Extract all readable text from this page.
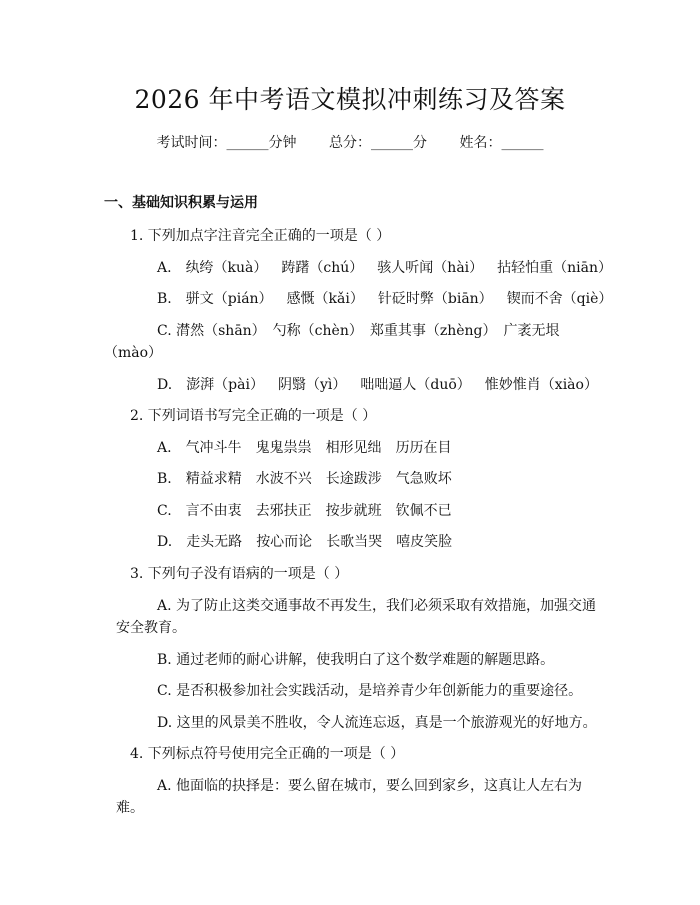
2026 年中考语文模拟冲刺练习及答案
考试时间：______分钟 总分：______分 姓名：______
一、基础知识积累与运用
1. 下列加点字注音完全正确的一项是（ ）
A. 纨绔（kuà） 踌躇（chú） 骇人听闻（hài） 拈轻怕重（niān）
B. 骈文（pián） 感慨（kǎi） 针砭时弊（biān） 锲而不舍（qiè）
C. 潸然（shān）　勺称（chèn）　郑重其事（zhèng）　广袤无垠
（mào）
D. 澎湃（pài） 阴翳（yì） 咄咄逼人（duō） 惟妙惟肖（xiào）
2. 下列词语书写完全正确的一项是（ ）
A. 气冲斗牛 鬼鬼祟祟 相形见绌 历历在目
B. 精益求精 水波不兴 长途跋涉 气急败坏
C. 言不由衷 去邪扶正 按步就班 钦佩不已
D. 走头无路 按心而论 长歌当哭 嘻皮笑脸
3. 下列句子没有语病的一项是（ ）
A. 为了防止这类交通事故不再发生，我们必须采取有效措施，加强交通
安全教育。
B. 通过老师的耐心讲解，使我明白了这个数学难题的解题思路。
C. 是否积极参加社会实践活动，是培养青少年创新能力的重要途径。
D. 这里的风景美不胜收，令人流连忘返，真是一个旅游观光的好地方。
4. 下列标点符号使用完全正确的一项是（ ）
A. 他面临的抉择是：要么留在城市，要么回到家乡，这真让人左右为
难。
